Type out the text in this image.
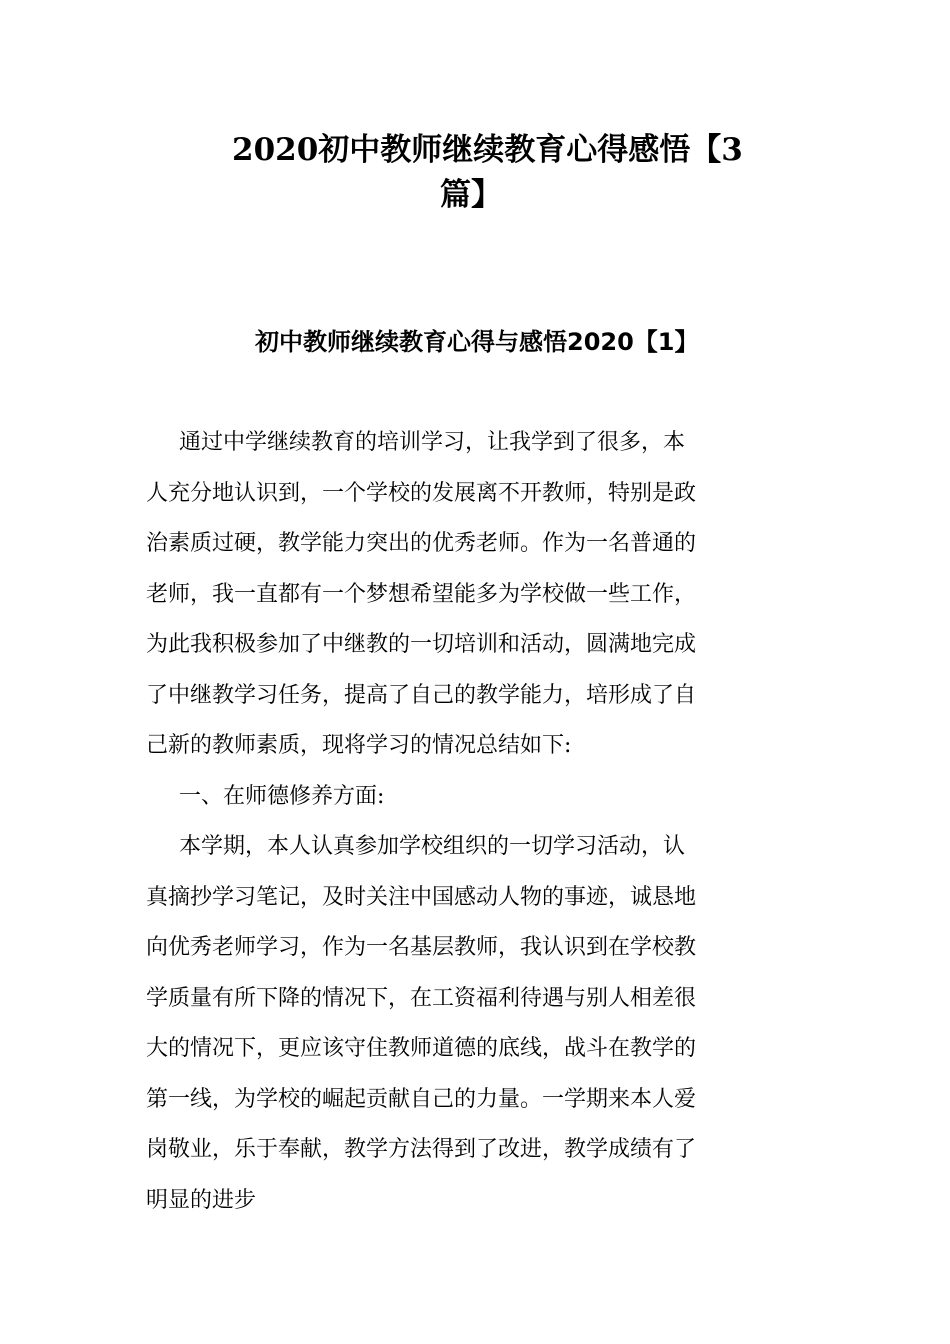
2020初中教师继续教育心得感悟【3
篇】
初中教师继续教育心得与感悟2020【1】

通过中学继续教育的培训学习，让我学到了很多，本
人充分地认识到，一个学校的发展离不开教师，特别是政
治素质过硬，教学能力突出的优秀老师。作为一名普通的
老师，我一直都有一个梦想希望能多为学校做一些工作，
为此我积极参加了中继教的一切培训和活动，圆满地完成
了中继教学习任务，提高了自己的教学能力，培形成了自
己新的教师素质，现将学习的情况总结如下:

一、在师德修养方面:

本学期，本人认真参加学校组织的一切学习活动，认
真摘抄学习笔记，及时关注中国感动人物的事迹，诚恳地
向优秀老师学习，作为一名基层教师，我认识到在学校教
学质量有所下降的情况下，在工资福利待遇与别人相差很
大的情况下，更应该守住教师道德的底线，战斗在教学的
第一线，为学校的崛起贡献自己的力量。一学期来本人爱
岗敬业，乐于奉献，教学方法得到了改进，教学成绩有了
明显的进步
